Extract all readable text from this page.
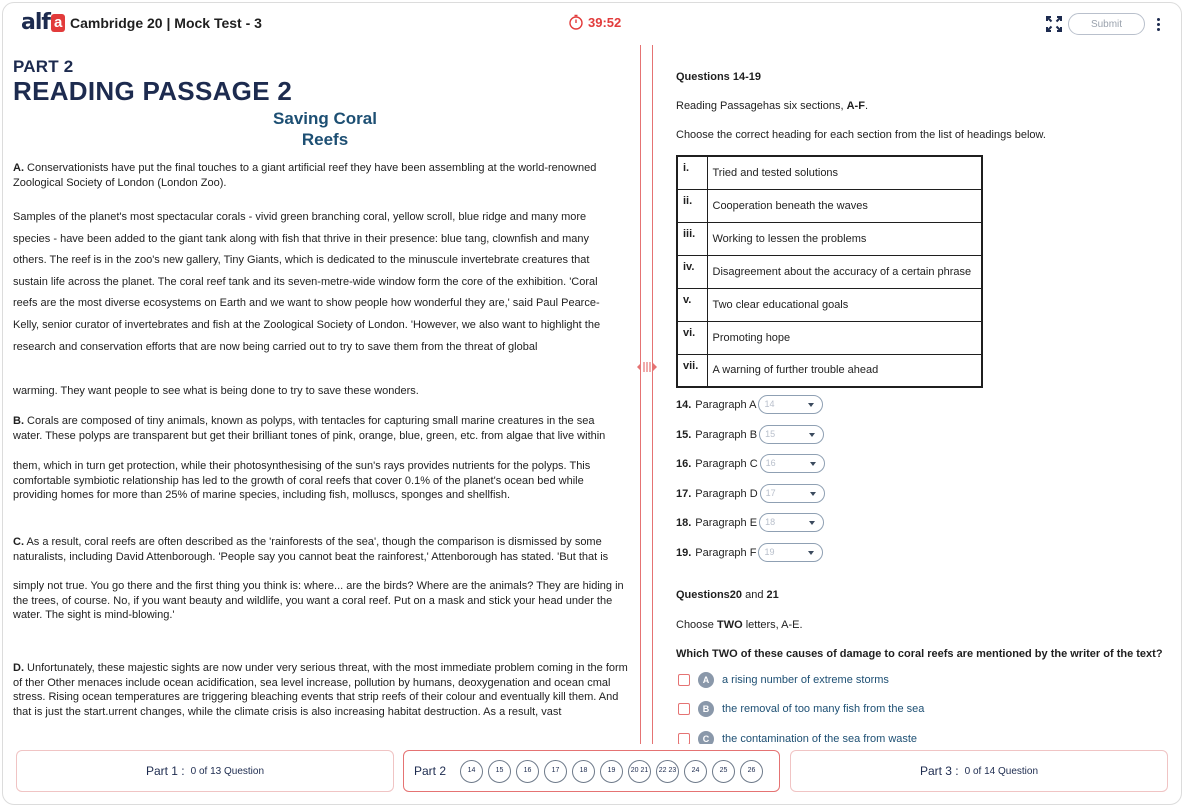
alf a Cambridge 20 | Mock Test - 3	39:52	Submit
PART 2
READING PASSAGE 2
Saving Coral Reefs
A. Conservationists have put the final touches to a giant artificial reef they have been assembling at the world-renowned Zoological Society of London (London Zoo).
Samples of the planet's most spectacular corals - vivid green branching coral, yellow scroll, blue ridge and many more species - have been added to the giant tank along with fish that thrive in their presence: blue tang, clownfish and many others. The reef is in the zoo's new gallery, Tiny Giants, which is dedicated to the minuscule invertebrate creatures that sustain life across the planet. The coral reef tank and its seven-metre-wide window form the core of the exhibition. 'Coral reefs are the most diverse ecosystems on Earth and we want to show people how wonderful they are,' said Paul Pearce-Kelly, senior curator of invertebrates and fish at the Zoological Society of London. 'However, we also want to highlight the research and conservation efforts that are now being carried out to try to save them from the threat of global
warming. They want people to see what is being done to try to save these wonders.
B. Corals are composed of tiny animals, known as polyps, with tentacles for capturing small marine creatures in the sea water. These polyps are transparent but get their brilliant tones of pink, orange, blue, green, etc. from algae that live within
them, which in turn get protection, while their photosynthesising of the sun's rays provides nutrients for the polyps. This comfortable symbiotic relationship has led to the growth of coral reefs that cover 0.1% of the planet's ocean bed while providing homes for more than 25% of marine species, including fish, molluscs, sponges and shellfish.
C. As a result, coral reefs are often described as the 'rainforests of the sea', though the comparison is dismissed by some naturalists, including David Attenborough. 'People say you cannot beat the rainforest,' Attenborough has stated. 'But that is
simply not true. You go there and the first thing you think is: where... are the birds? Where are the animals? They are hiding in the trees, of course. No, if you want beauty and wildlife, you want a coral reef. Put on a mask and stick your head under the water. The sight is mind-blowing.'
D. Unfortunately, these majestic sights are now under very serious threat, with the most immediate problem coming in the form of ther Other menaces include ocean acidification, sea level increase, pollution by humans, deoxygenation and ocean cmal stress. Rising ocean temperatures are triggering bleaching events that strip reefs of their colour and eventually kill them. And that is just the start.urrent changes, while the climate crisis is also increasing habitat destruction. As a result, vast
Questions 14-19
Reading Passagehas six sections, A-F.
Choose the correct heading for each section from the list of headings below.
i.	Tried and tested solutions
ii.	Cooperation beneath the waves
iii.	Working to lessen the problems
iv.	Disagreement about the accuracy of a certain phrase
v.	Two clear educational goals
vi.	Promoting hope
vii.	A warning of further trouble ahead
14. Paragraph A 14
15. Paragraph B 15
16. Paragraph C 16
17. Paragraph D 17
18. Paragraph E 18
19. Paragraph F 19
Questions20 and 21
Choose TWO letters, A-E.
Which TWO of these causes of damage to coral reefs are mentioned by the writer of the text?
A	a rising number of extreme storms
B	the removal of too many fish from the sea
C	the contamination of the sea from waste
Part 1 : 0 of 13 Question	Part 2	14	15	16	17	18	19	20 21	22 23	24	25	26	Part 3 : 0 of 14 Question
